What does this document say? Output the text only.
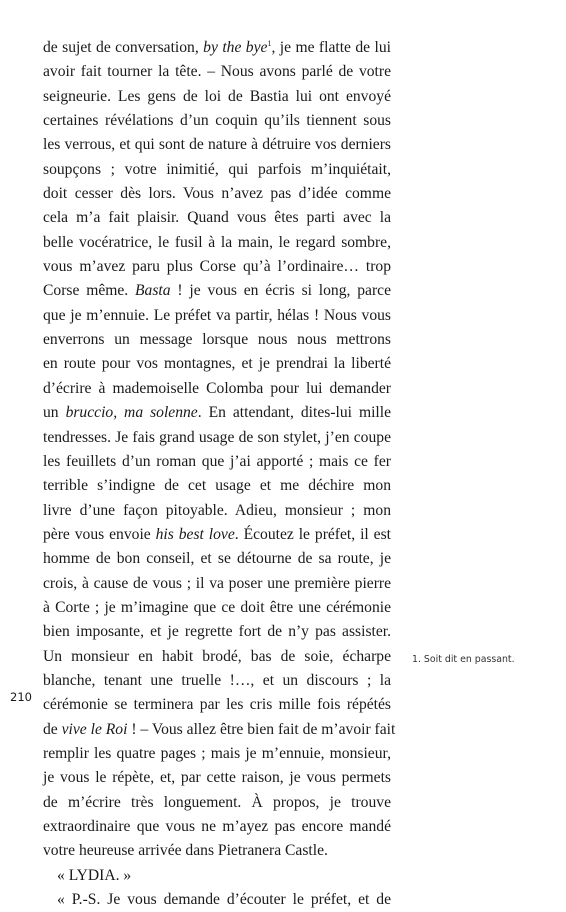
de sujet de conversation, by the bye$^1$, je me flatte de lui
avoir fait tourner la tête. – Nous avons parlé de votre
seigneurie. Les gens de loi de Bastia lui ont envoyé
certaines révélations d’un coquin qu’ils tiennent sous
les verrous, et qui sont de nature à détruire vos derniers
soupçons ; votre inimitié, qui parfois m’inquiétait,
doit cesser dès lors. Vous n’avez pas d’idée comme
cela m’a fait plaisir. Quand vous êtes parti avec la
belle vocératrice, le fusil à la main, le regard sombre,
vous m’avez paru plus Corse qu’à l’ordinaire… trop
Corse même. Basta ! je vous en écris si long, parce
que je m’ennuie. Le préfet va partir, hélas ! Nous vous
enverrons un message lorsque nous nous mettrons
en route pour vos montagnes, et je prendrai la liberté
d’écrire à mademoiselle Colomba pour lui demander
un bruccio, ma solenne. En attendant, dites-lui mille
tendresses. Je fais grand usage de son stylet, j’en coupe
les feuillets d’un roman que j’ai apporté ; mais ce fer
terrible s’indigne de cet usage et me déchire mon
livre d’une façon pitoyable. Adieu, monsieur ; mon
père vous envoie his best love. Écoutez le préfet, il est
homme de bon conseil, et se détourne de sa route, je
crois, à cause de vous ; il va poser une première pierre
à Corte ; je m’imagine que ce doit être une cérémonie
bien imposante, et je regrette fort de n’y pas assister.
Un monsieur en habit brodé, bas de soie, écharpe
blanche, tenant une truelle !…, et un discours ; la
cérémonie se terminera par les cris mille fois répétés
de vive le Roi ! – Vous allez être bien fait de m’avoir fait
remplir les quatre pages ; mais je m’ennuie, monsieur,
je vous le répète, et, par cette raison, je vous permets
de m’écrire très longuement. À propos, je trouve
extraordinaire que vous ne m’ayez pas encore mandé
votre heureuse arrivée dans Pietranera Castle.
« LYDIA. »
« P.-S. Je vous demande d’écouter le préfet, et de
1. Soit dit en passant.
210
